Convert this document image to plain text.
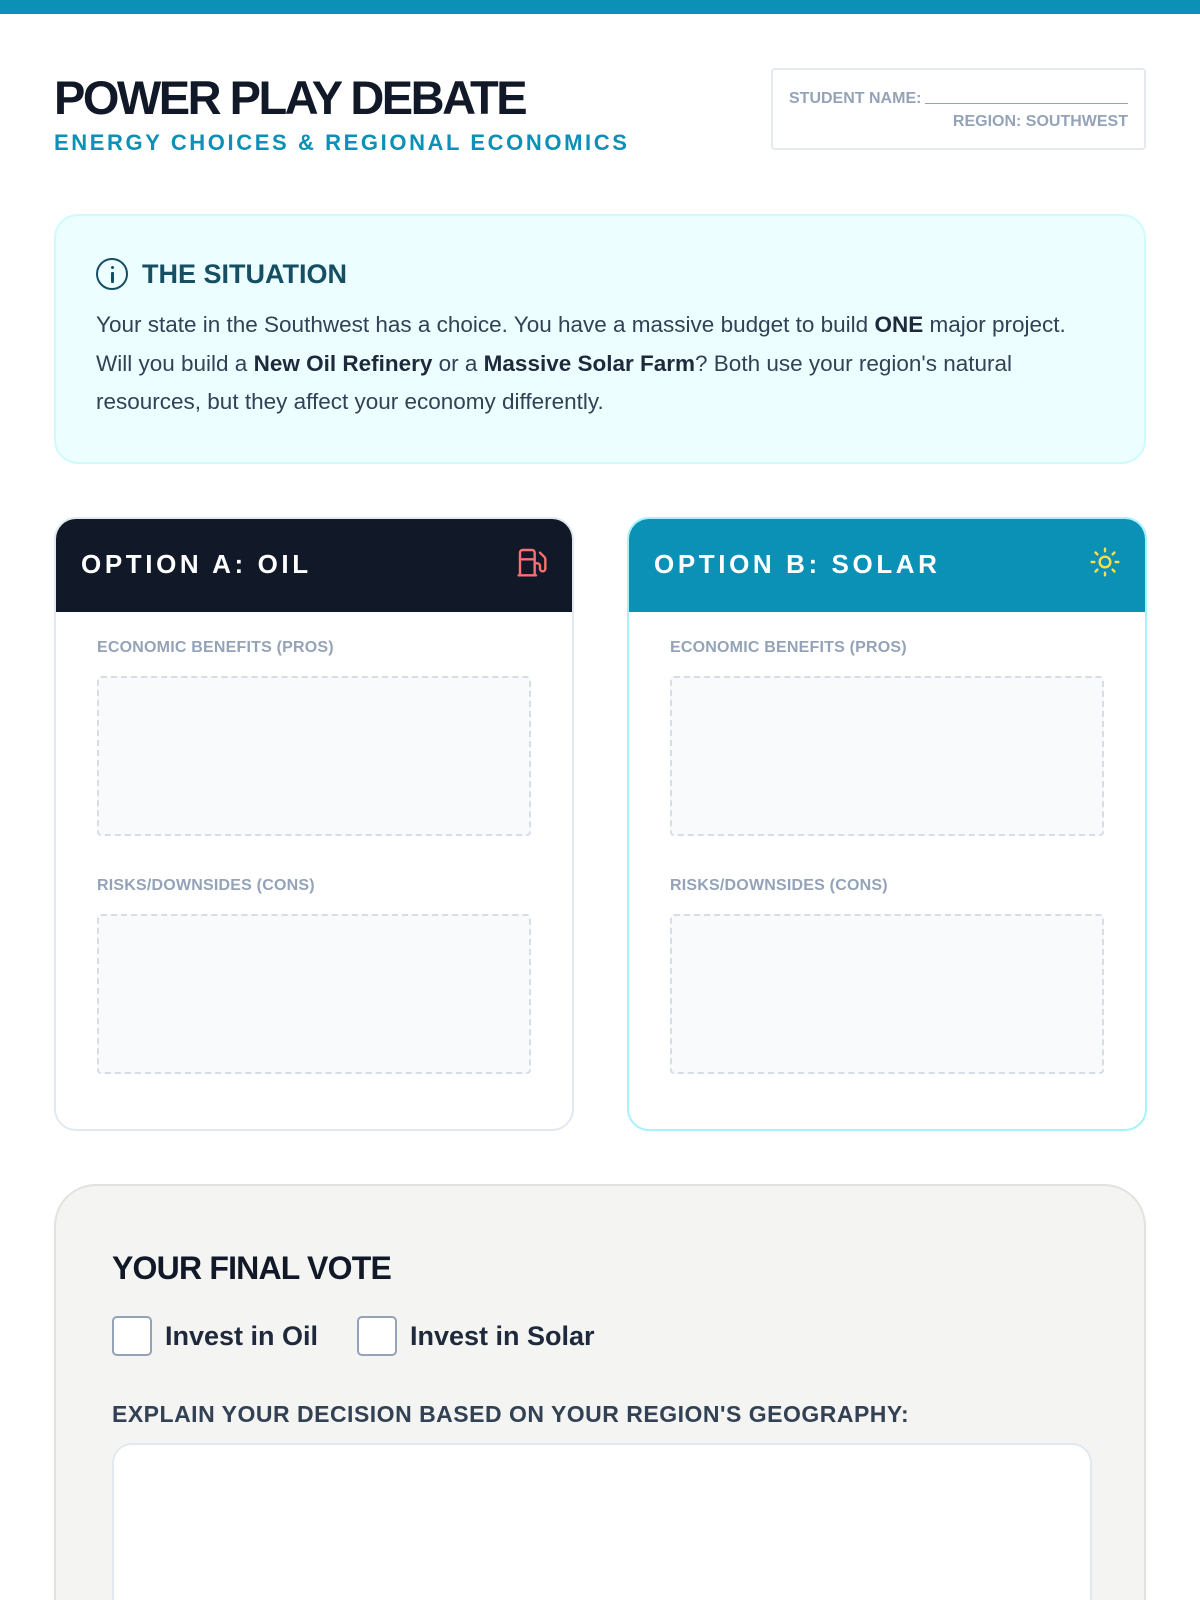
POWER PLAY DEBATE
ENERGY CHOICES & REGIONAL ECONOMICS
STUDENT NAME:
REGION: SOUTHWEST
THE SITUATION

Your state in the Southwest has a choice. You have a massive budget to build ONE major project. Will you build a New Oil Refinery or a Massive Solar Farm? Both use your region's natural resources, but they affect your economy differently.

OPTION A: OIL
ECONOMIC BENEFITS (PROS)
RISKS/DOWNSIDES (CONS)
OPTION B: SOLAR
ECONOMIC BENEFITS (PROS)
RISKS/DOWNSIDES (CONS)
YOUR FINAL VOTE
Invest in Oil	Invest in Solar
EXPLAIN YOUR DECISION BASED ON YOUR REGION'S GEOGRAPHY:
